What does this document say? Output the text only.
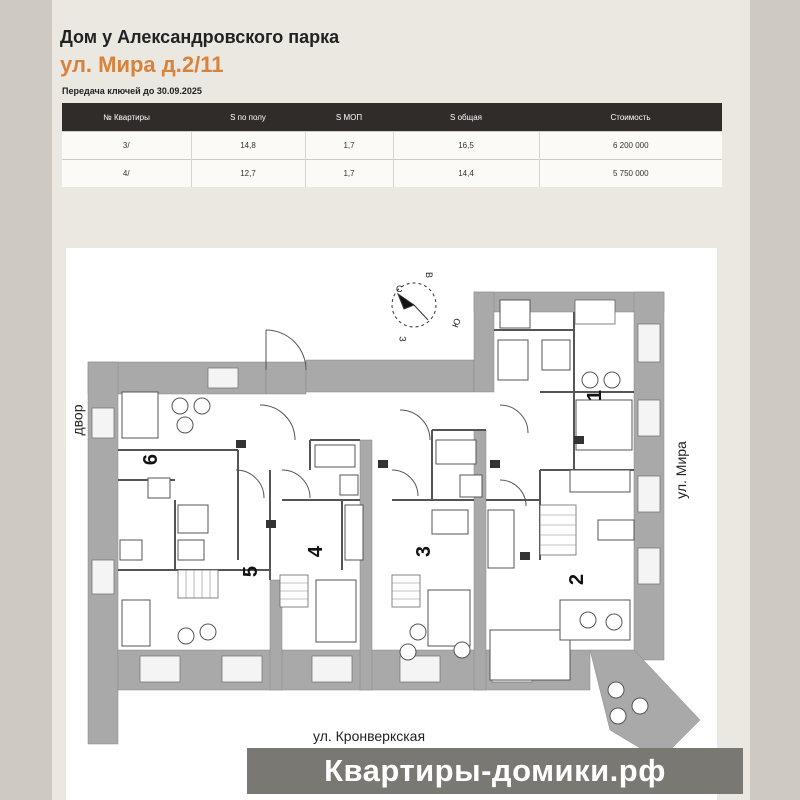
Дом у Александровского парка
ул. Мира д.2/11
Передача ключей до 30.09.2025
№ Квартиры	S по полу	S МОП	S общая	Стоимость
3/	14,8	1,7	16,5	6 200 000
4/	12,7	1,7	14,4	5 750 000
С
Ю
В
З
1
2
3
4
5
6
двор
ул. Мира
ул. Кронверкская
Квартиры-домики.рф
